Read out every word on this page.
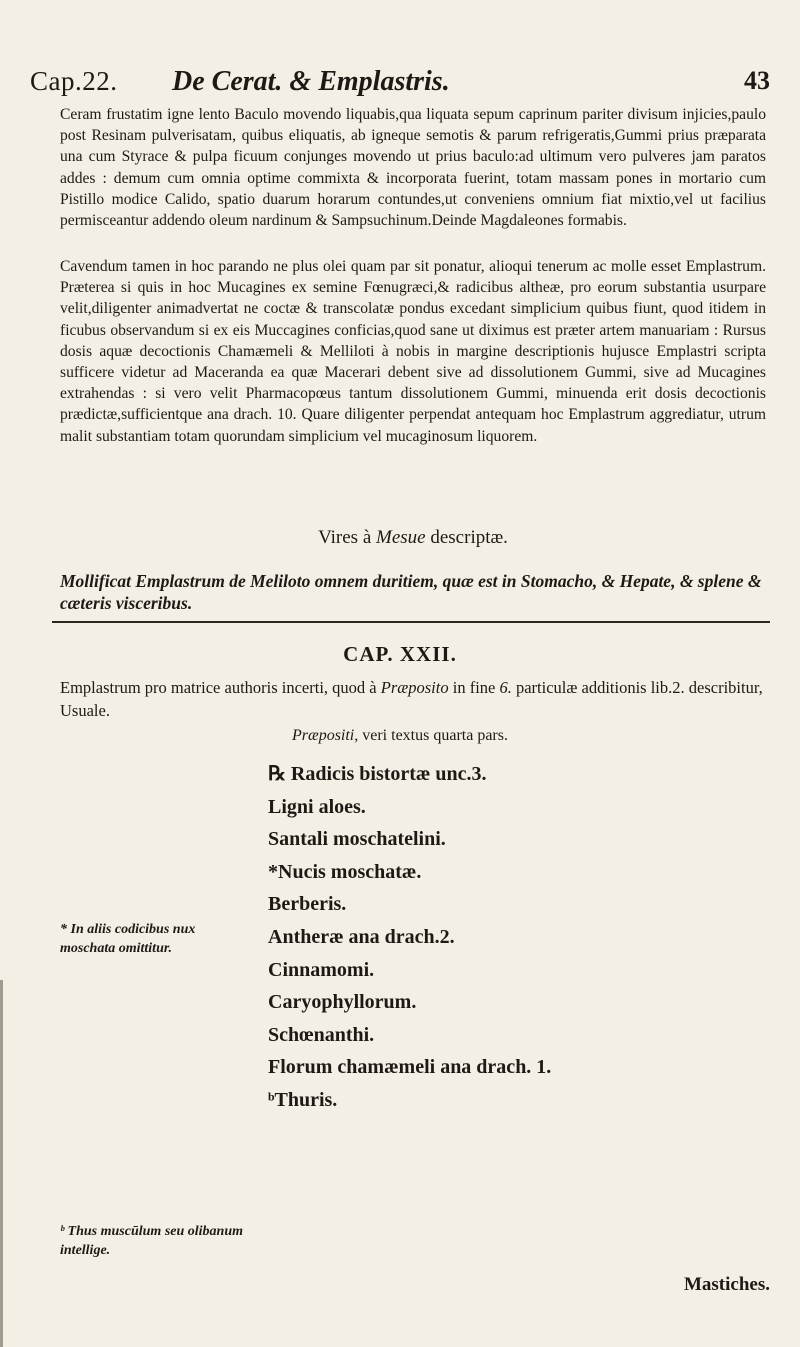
Cap.22. De Cerat. & Emplastris.	43

Ceram frustatim igne lento Baculo movendo liquabis,qua liquata sepum caprinum pariter divisum injicies,paulo post Resinam pulverisatam, quibus eliquatis, ab igneque semotis & parum refrigeratis,Gummi prius præparata una cum Styrace & pulpa ficuum conjunges movendo ut prius baculo:ad ultimum vero pulveres jam paratos addes : demum cum omnia optime commixta & incorporata fuerint, totam massam pones in mortario cum Pistillo modice Calido, spatio duarum horarum contundes,ut conveniens omnium fiat mixtio,vel ut facilius permisceantur addendo oleum nardinum & Sampsuchinum.Deinde Magdaleones formabis.

Cavendum tamen in hoc parando ne plus olei quam par sit ponatur, alioqui tenerum ac molle esset Emplastrum. Præterea si quis in hoc Mucagines ex semine Fœnugræci,& radicibus altheæ, pro eorum substantia usurpare velit,diligenter animadvertat ne coctæ & transcolatæ pondus excedant simplicium quibus fiunt, quod itidem in ficubus observandum si ex eis Muccagines conficias,quod sane ut diximus est præter artem manuariam : Rursus dosis aquæ decoctionis Chamæmeli & Melliloti à nobis in margine descriptionis hujusce Emplastri scripta sufficere videtur ad Maceranda ea quæ Macerari debent sive ad dissolutionem Gummi, sive ad Mucagines extrahendas : si vero velit Pharmacopœus tantum dissolutionem Gummi, minuenda erit dosis decoctionis prædictæ,sufficientque ana drach. 10. Quare diligenter perpendat antequam hoc Emplastrum aggrediatur, utrum malit substantiam totam quorundam simplicium vel mucaginosum liquorem.

Vires à Mesue descriptæ.
Mollificat Emplastrum de Meliloto omnem duritiem, quæ est in Stomacho, & Hepate, & splene & cæteris visceribus.
CAP. XXII.

Emplastrum pro matrice authoris incerti, quod à Præposito in fine 6. particulæ additionis lib.2. describitur, Usuale.

Præpositi, veri textus quarta pars.
℞ Radicis bistortæ unc.3.
Ligni aloes.
Santali moschatelini.
*Nucis moschatæ.
Berberis.
Antheræ ana drach.2.
Cinnamomi.
Caryophyllorum.
Schœnanthi.
Florum chamæmeli ana drach. 1.
ᵇThuris.
* In aliis codicibus nux moschata omittitur.
ᵇ Thus muscūlum seu olibanum intellige.
Mastiches.
